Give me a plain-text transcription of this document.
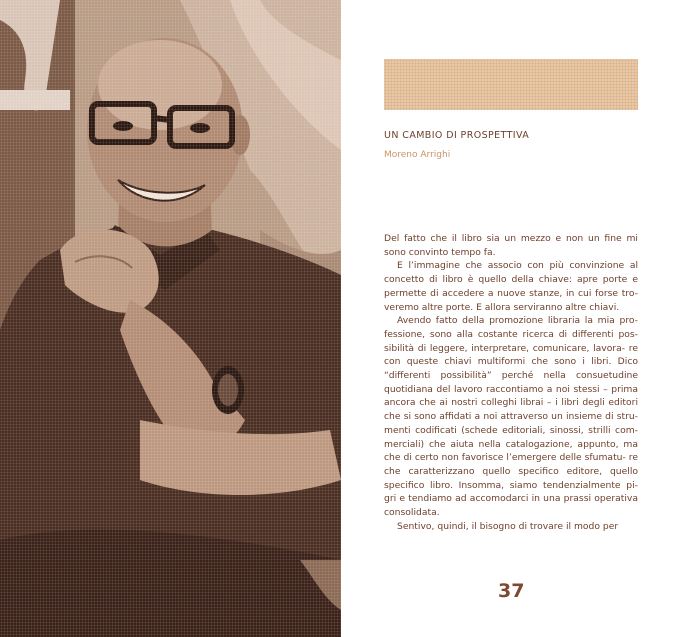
UN CAMBIO DI PROSPETTIVA
Moreno Arrighi

Del fatto che il libro sia un mezzo e non un fine mi sono convinto tempo fa.

E l’immagine che associo con più convinzione al concetto di libro è quello della chiave: apre porte e permette di accedere a nuove stanze, in cui forse tro- veremo altre porte. E allora serviranno altre chiavi.

Avendo fatto della promozione libraria la mia pro- fessione, sono alla costante ricerca di differenti pos- sibilità di leggere, interpretare, comunicare, lavora- re con queste chiavi multiformi che sono i libri. Dico “differenti possibilità” perché nella consuetudine quotidiana del lavoro raccontiamo a noi stessi – prima ancora che ai nostri colleghi librai – i libri degli editori che si sono affidati a noi attraverso un insieme di stru- menti codificati (schede editoriali, sinossi, strilli com- merciali) che aiuta nella catalogazione, appunto, ma che di certo non favorisce l’emergere delle sfumatu- re che caratterizzano quello specifico editore, quello specifico libro. Insomma, siamo tendenzialmente pi- gri e tendiamo ad accomodarci in una prassi operativa consolidata.

Sentivo, quindi, il bisogno di trovare il modo per

37
